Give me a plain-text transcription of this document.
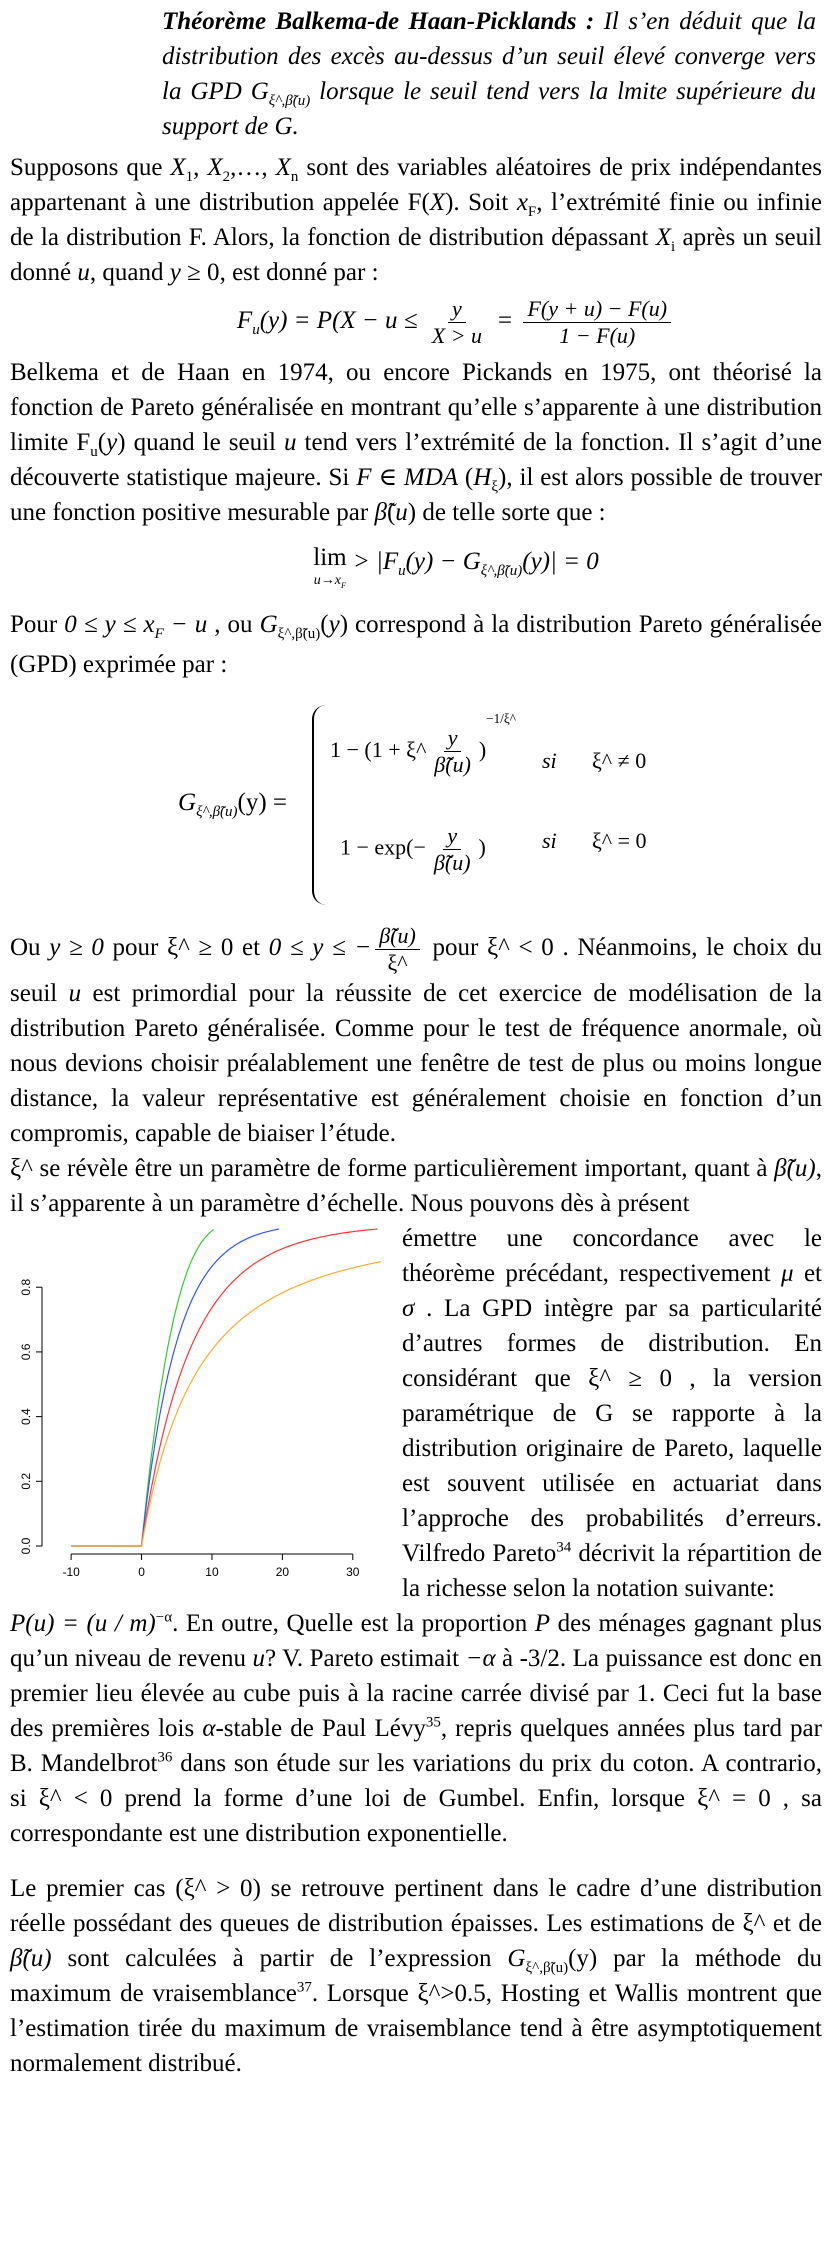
Théorème Balkema-de Haan-Picklands : Il s’en déduit que la distribution des excès au-dessus d’un seuil élevé converge vers la GPD $G_{\xi\^{},\betã(u)}$ lorsque le seuil tend vers la lmite supérieure du support de G.

Supposons que $X_1$, $X_2,\dots$, $X_n$ sont des variables aléatoires de prix indépendantes appartenant à une distribution appelée F(X). Soit $x_F$, l’extrémité finie ou infinie de la distribution F. Alors, la fonction de distribution dépassant $X_i$ après un seuil donné u, quand y ≥ 0, est donné par :

$F_u(y) = P(X - u \le \frac{y}{X > u} = \frac{F(y + u) - F(u)}{1 - F(u)}$

Belkema et de Haan en 1974, ou encore Pickands en 1975, ont théorisé la fonction de Pareto généralisée en montrant qu’elle s’apparente à une distribution limite $F_u(y)$ quand le seuil u tend vers l’extrémité de la fonction. Il s’agit d’une découverte statistique majeure. Si F ∈ MDA $(H_\xi)$, il est alors possible de trouver une fonction positive mesurable par β̃(u) de telle sorte que :

lim
$u\to x_F$
> $|F_u(y) - G_{\xi\^{},\betã(u)}(y)| = 0$

Pour $0 \le y \le x_F - u$ , ou $G_{\xi\^{},\betã(u)}(y)$ correspond à la distribution Pareto généralisée (GPD) exprimée par :

$G_{\xi\^{},\betã(u)}(y)$ =
1 − (1 + ξ^ $\frac{y}{\betã(u)} )^{-1/\xi\^{}}$
si ξ^ ≠ 0
$1 - \exp(- \frac{y}{\betã(u)}$ )	si ξ^ = 0

Ou y ≥ 0 pour ξ^ ≥ 0 et 0 ≤ y ≤ − $\frac{\betã(u)}{\xi\^{}}$ pour ξ^ < 0 . Néanmoins, le choix du seuil u est primordial pour la réussite de cet exercice de modélisation de la distribution Pareto généralisée. Comme pour le test de fréquence anormale, où nous devions choisir préalablement une fenêtre de test de plus ou moins longue distance, la valeur représentative est généralement choisie en fonction d’un compromis, capable de biaiser l’étude.

ξ^ se révèle être un paramètre de forme particulièrement important, quant à β̃(u), il s’apparente à un paramètre d’échelle. Nous pouvons dès à présent

-10	0	10	20	30
0.0
0.2
0.4
0.6
0.8

émettre une concordance avec le théorème précédant, respectivement μ et σ . La GPD intègre par sa particularité d’autres formes de distribution. En considérant que ξ^ ≥ 0 , la version paramétrique de G se rapporte à la distribution originaire de Pareto, laquelle est souvent utilisée en actuariat dans l’approche des probabilités d’erreurs. Vilfredo Pareto$^{34}$ décrivit la répartition de la richesse selon la notation suivante:

P(u) = (u / m)$^{-\alpha}$. En outre, Quelle est la proportion P des ménages gagnant plus qu’un niveau de revenu u? V. Pareto estimait −α à -3/2. La puissance est donc en premier lieu élevée au cube puis à la racine carrée divisé par 1. Ceci fut la base des premières lois α-stable de Paul Lévy$^{35}$, repris quelques années plus tard par B. Mandelbrot$^{36}$ dans son étude sur les variations du prix du coton. A contrario, si ξ^ < 0 prend la forme d’une loi de Gumbel. Enfin, lorsque ξ^ = 0 , sa correspondante est une distribution exponentielle.

Le premier cas (ξ^ > 0) se retrouve pertinent dans le cadre d’une distribution réelle possédant des queues de distribution épaisses. Les estimations de ξ^ et de β̃(u) sont calculées à partir de l’expression $G_{\xi\^{},\betã(u)}(y)$ par la méthode du maximum de vraisemblance$^{37}$. Lorsque ξ^>0.5, Hosting et Wallis montrent que l’estimation tirée du maximum de vraisemblance tend à être asymptotiquement normalement distribué.
